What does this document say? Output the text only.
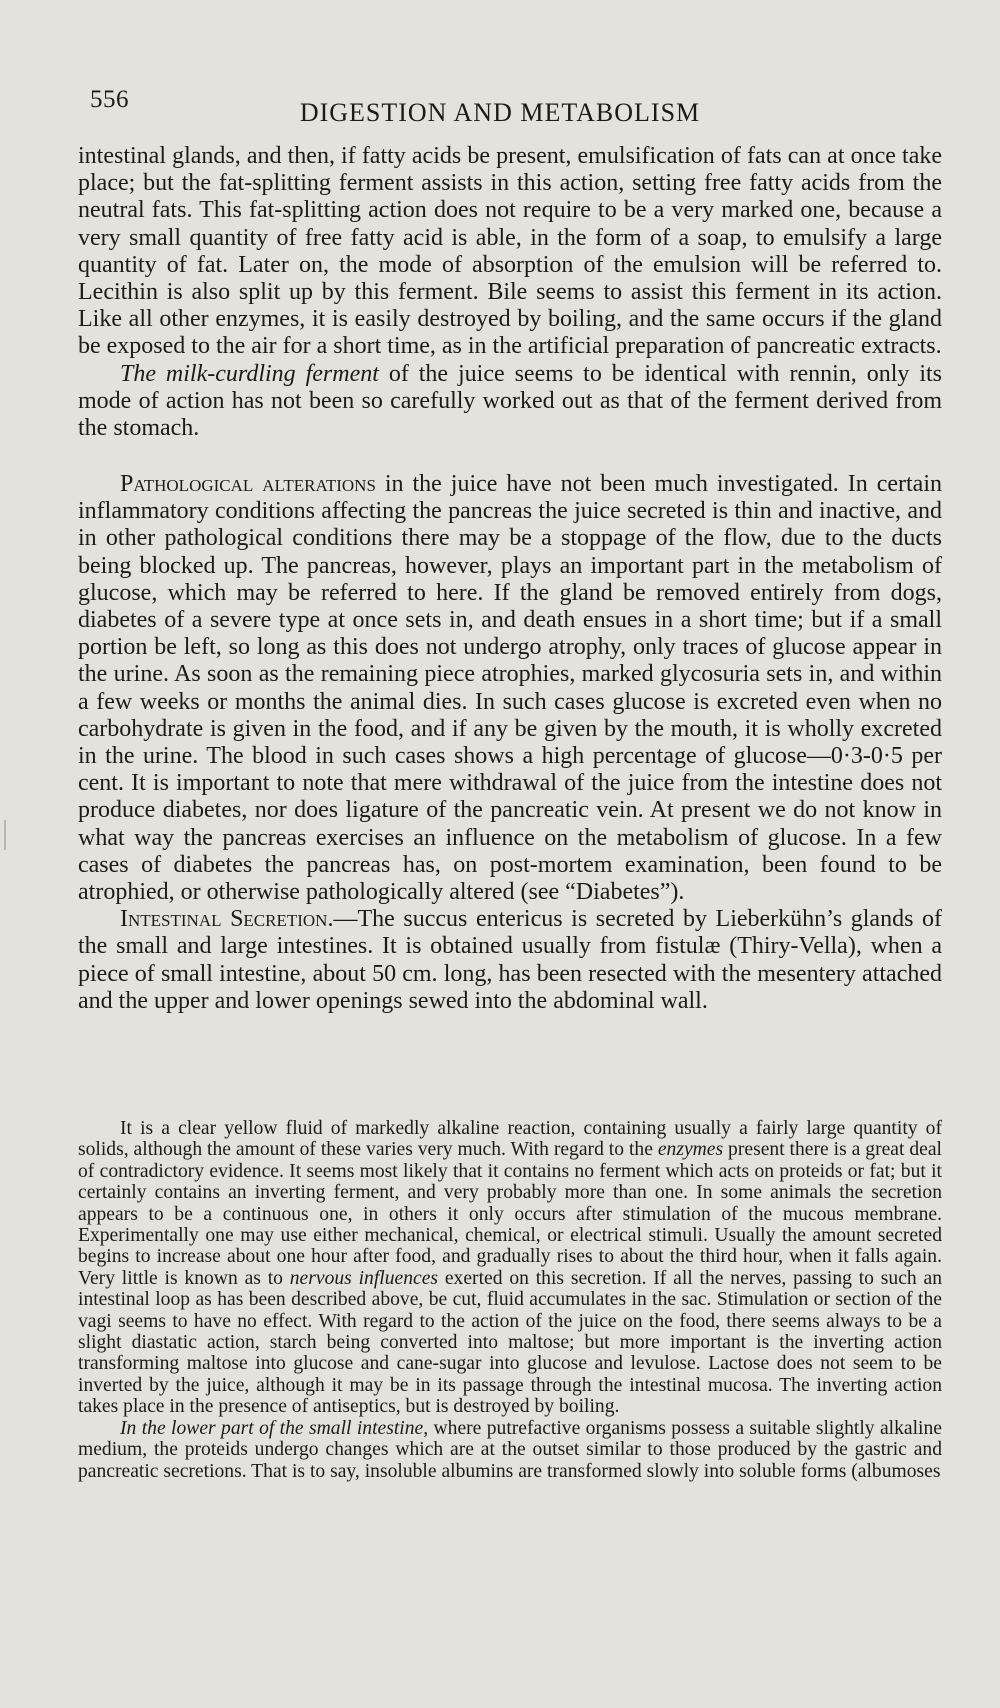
556	DIGESTION AND METABOLISM

intestinal glands, and then, if fatty acids be present, emulsification of fats can at once take place; but the fat-splitting ferment assists in this action, setting free fatty acids from the neutral fats. This fat-splitting action does not require to be a very marked one, because a very small quantity of free fatty acid is able, in the form of a soap, to emulsify a large quantity of fat. Later on, the mode of absorption of the emulsion will be referred to. Lecithin is also split up by this ferment. Bile seems to assist this ferment in its action. Like all other enzymes, it is easily destroyed by boiling, and the same occurs if the gland be exposed to the air for a short time, as in the artificial preparation of pancreatic extracts.

The milk-curdling ferment of the juice seems to be identical with rennin, only its mode of action has not been so carefully worked out as that of the ferment derived from the stomach.

Pathological alterations in the juice have not been much investigated. In certain inflammatory conditions affecting the pancreas the juice secreted is thin and inactive, and in other pathological conditions there may be a stoppage of the flow, due to the ducts being blocked up. The pancreas, however, plays an important part in the metabolism of glucose, which may be referred to here. If the gland be removed entirely from dogs, diabetes of a severe type at once sets in, and death ensues in a short time; but if a small portion be left, so long as this does not undergo atrophy, only traces of glucose appear in the urine. As soon as the remaining piece atrophies, marked glycosuria sets in, and within a few weeks or months the animal dies. In such cases glucose is excreted even when no carbohydrate is given in the food, and if any be given by the mouth, it is wholly excreted in the urine. The blood in such cases shows a high percentage of glucose—0·3-0·5 per cent. It is important to note that mere withdrawal of the juice from the intestine does not produce diabetes, nor does ligature of the pancreatic vein. At present we do not know in what way the pancreas exercises an influence on the metabolism of glucose. In a few cases of diabetes the pancreas has, on post-mortem examination, been found to be atrophied, or otherwise pathologically altered (see “Diabetes”).

Intestinal Secretion.—The succus entericus is secreted by Lieberkühn’s glands of the small and large intestines. It is obtained usually from fistulæ (Thiry-Vella), when a piece of small intestine, about 50 cm. long, has been resected with the mesentery attached and the upper and lower openings sewed into the abdominal wall.

It is a clear yellow fluid of markedly alkaline reaction, containing usually a fairly large quantity of solids, although the amount of these varies very much. With regard to the enzymes present there is a great deal of contradictory evidence. It seems most likely that it contains no ferment which acts on proteids or fat; but it certainly contains an inverting ferment, and very probably more than one. In some animals the secretion appears to be a continuous one, in others it only occurs after stimulation of the mucous membrane. Experimentally one may use either mechanical, chemical, or electrical stimuli. Usually the amount secreted begins to increase about one hour after food, and gradually rises to about the third hour, when it falls again. Very little is known as to nervous influences exerted on this secretion. If all the nerves, passing to such an intestinal loop as has been described above, be cut, fluid accumulates in the sac. Stimulation or section of the vagi seems to have no effect. With regard to the action of the juice on the food, there seems always to be a slight diastatic action, starch being converted into maltose; but more important is the inverting action transforming maltose into glucose and cane-sugar into glucose and levulose. Lactose does not seem to be inverted by the juice, although it may be in its passage through the intestinal mucosa. The inverting action takes place in the presence of antiseptics, but is destroyed by boiling.

In the lower part of the small intestine, where putrefactive organisms possess a suitable slightly alkaline medium, the proteids undergo changes which are at the outset similar to those produced by the gastric and pancreatic secretions. That is to say, insoluble albumins are transformed slowly into soluble forms (albumoses
